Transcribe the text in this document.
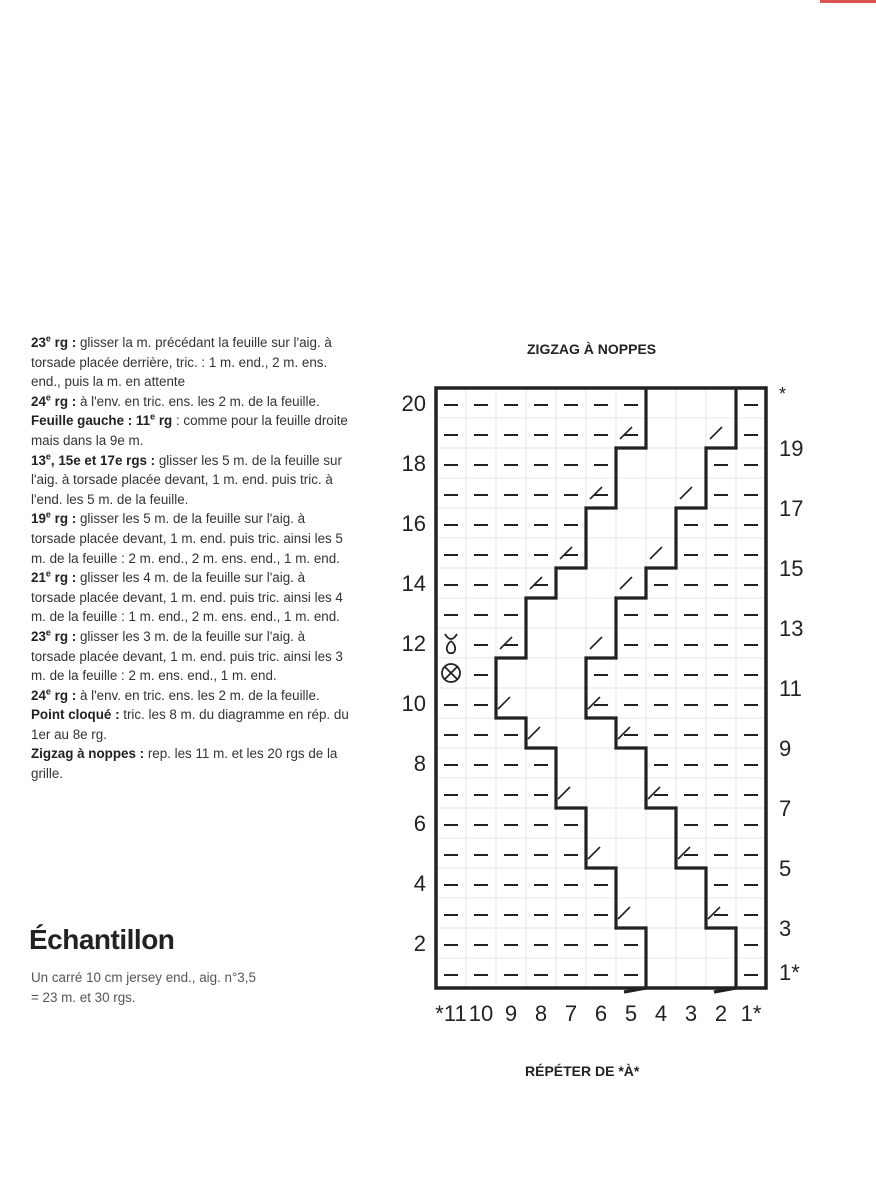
23e rg : glisser la m. précédant la feuille sur l'aig. à torsade placée derrière, tric. : 1 m. end., 2 m. ens. end., puis la m. en attente

24e rg : à l'env. en tric. ens. les 2 m. de la feuille.

Feuille gauche : 11e rg : comme pour la feuille droite mais dans la 9e m.

13e, 15e et 17e rgs : glisser les 5 m. de la feuille sur l'aig. à torsade placée devant, 1 m. end. puis tric. à l'end. les 5 m. de la feuille.

19e rg : glisser les 5 m. de la feuille sur l'aig. à torsade placée devant, 1 m. end. puis tric. ainsi les 5 m. de la feuille : 2 m. end., 2 m. ens. end., 1 m. end.

21e rg : glisser les 4 m. de la feuille sur l'aig. à torsade placée devant, 1 m. end. puis tric. ainsi les 4 m. de la feuille : 1 m. end., 2 m. ens. end., 1 m. end.

23e rg : glisser les 3 m. de la feuille sur l'aig. à torsade placée devant, 1 m. end. puis tric. ainsi les 3 m. de la feuille : 2 m. ens. end., 1 m. end.

24e rg : à l'env. en tric. ens. les 2 m. de la feuille.

Point cloqué : tric. les 8 m. du diagramme en rép. du 1er au 8e rg.

Zigzag à noppes : rep. les 11 m. et les 20 rgs de la grille.

Échantillon
Un carré 10 cm jersey end., aig. n°3,5
= 23 m. et 30 rgs.
ZIGZAG À NOPPES
20
18
16
14
12
10
8
6
4
2
*
19
17
15
13
11
9
7
5
3
1*
*11 10 9 8 7 6 5 4 3 2 1*
RÉPÉTER DE *À*
